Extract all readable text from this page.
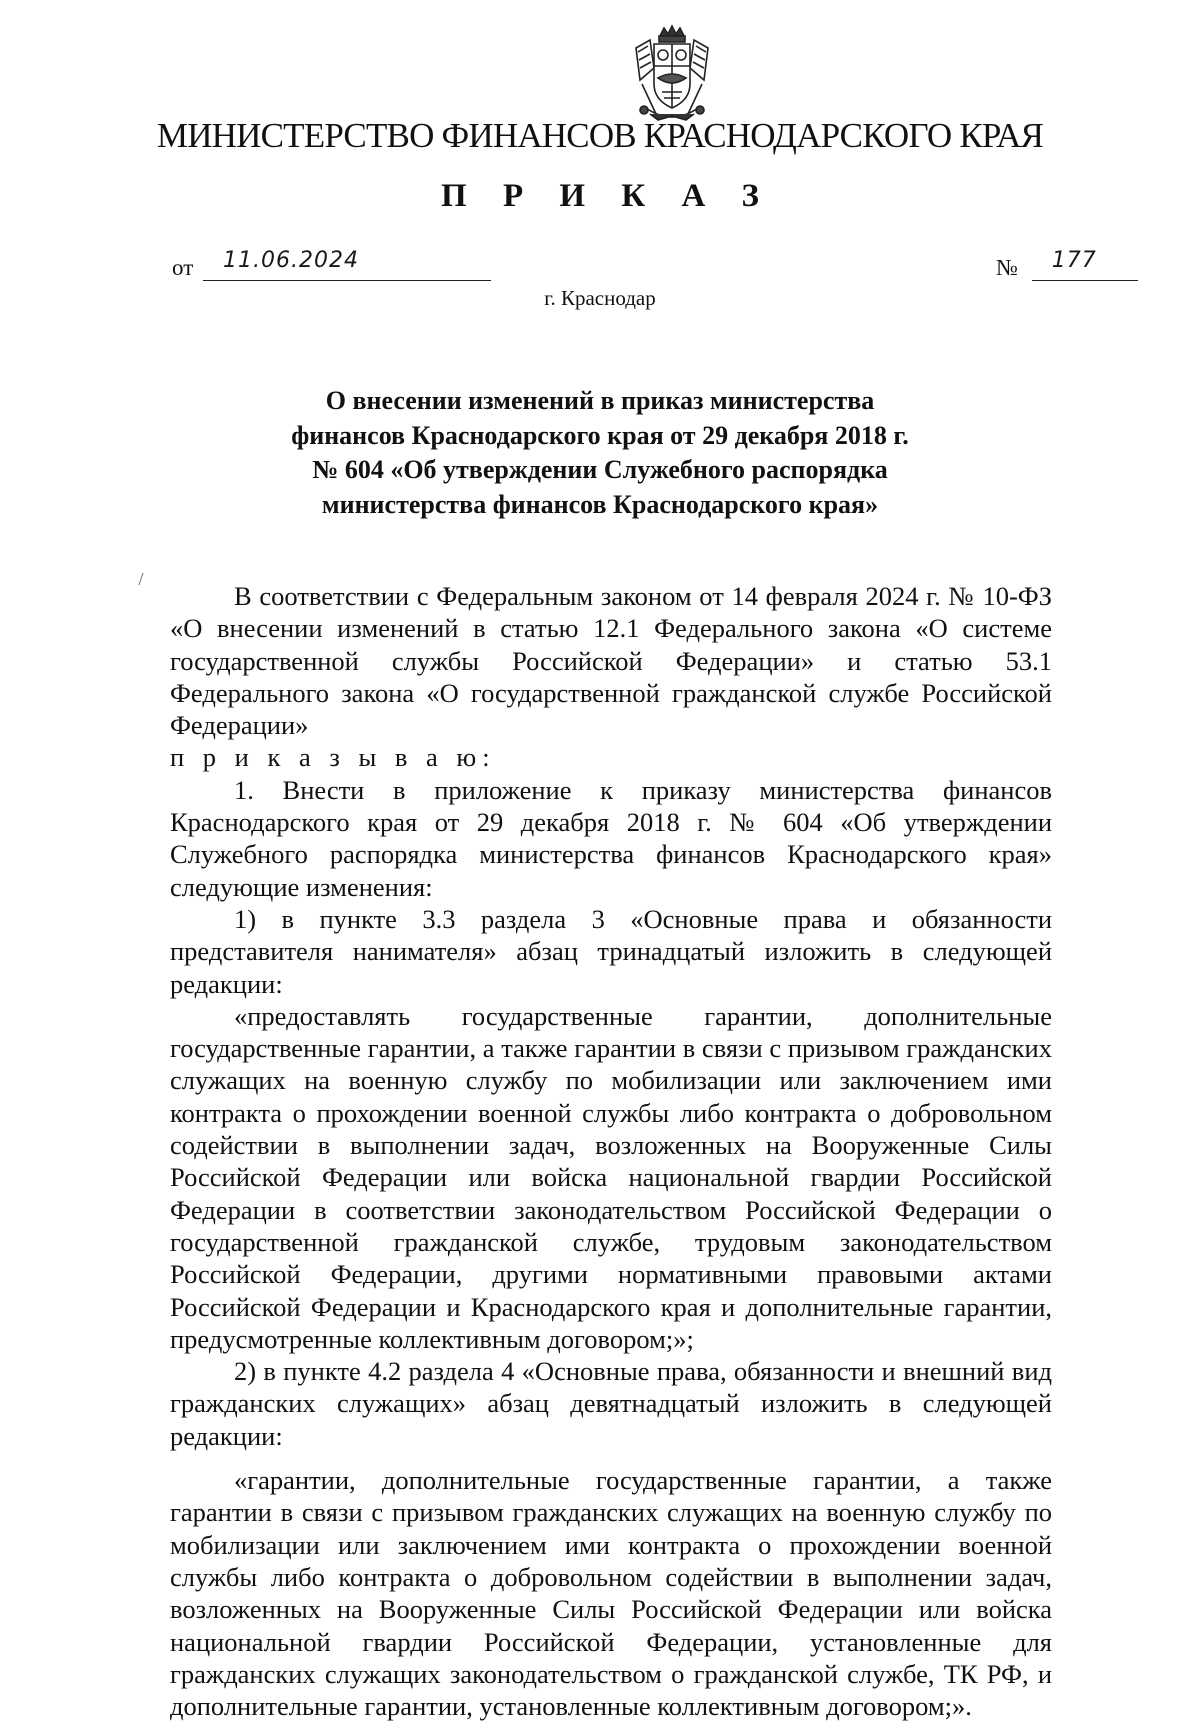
МИНИСТЕРСТВО ФИНАНСОВ КРАСНОДАРСКОГО КРАЯ
П Р И К А З
от 11.06.2024	№ 177
г. Краснодар
О внесении изменений в приказ министерства
финансов Краснодарского края от 29 декабря 2018 г.
№ 604 «Об утверждении Служебного распорядка
министерства финансов Краснодарского края»

В соответствии с Федеральным законом от 14 февраля 2024 г. № 10-ФЗ «О внесении изменений в статью 12.1 Федерального закона «О системе государственной службы Российской Федерации» и статью 53.1 Федерального закона «О государственной гражданской службе Российской Федерации»
п р и к а з ы в а ю:

1. Внести в приложение к приказу министерства финансов Краснодарского края от 29 декабря 2018 г. № 604 «Об утверждении Служебного распорядка министерства финансов Краснодарского края» следующие изменения:

1) в пункте 3.3 раздела 3 «Основные права и обязанности представителя нанимателя» абзац тринадцатый изложить в следующей редакции:

«предоставлять государственные гарантии, дополнительные государственные гарантии, а также гарантии в связи с призывом гражданских служащих на военную службу по мобилизации или заключением ими контракта о прохождении военной службы либо контракта о добровольном содействии в выполнении задач, возложенных на Вооруженные Силы Российской Федерации или войска национальной гвардии Российской Федерации в соответствии законодательством Российской Федерации о государственной гражданской службе, трудовым законодательством Российской Федерации, другими нормативными правовыми актами Российской Федерации и Краснодарского края и дополнительные гарантии, предусмотренные коллективным договором;»;

2) в пункте 4.2 раздела 4 «Основные права, обязанности и внешний вид гражданских служащих» абзац девятнадцатый изложить в следующей редакции:

«гарантии, дополнительные государственные гарантии, а также гарантии в связи с призывом гражданских служащих на военную службу по мобилизации или заключением ими контракта о прохождении военной службы либо контракта о добровольном содействии в выполнении задач, возложенных на Вооруженные Силы Российской Федерации или войска национальной гвардии Российской Федерации, установленные для гражданских служащих законодательством о гражданской службе, ТК РФ, и дополнительные гарантии, установленные коллективным договором;».
